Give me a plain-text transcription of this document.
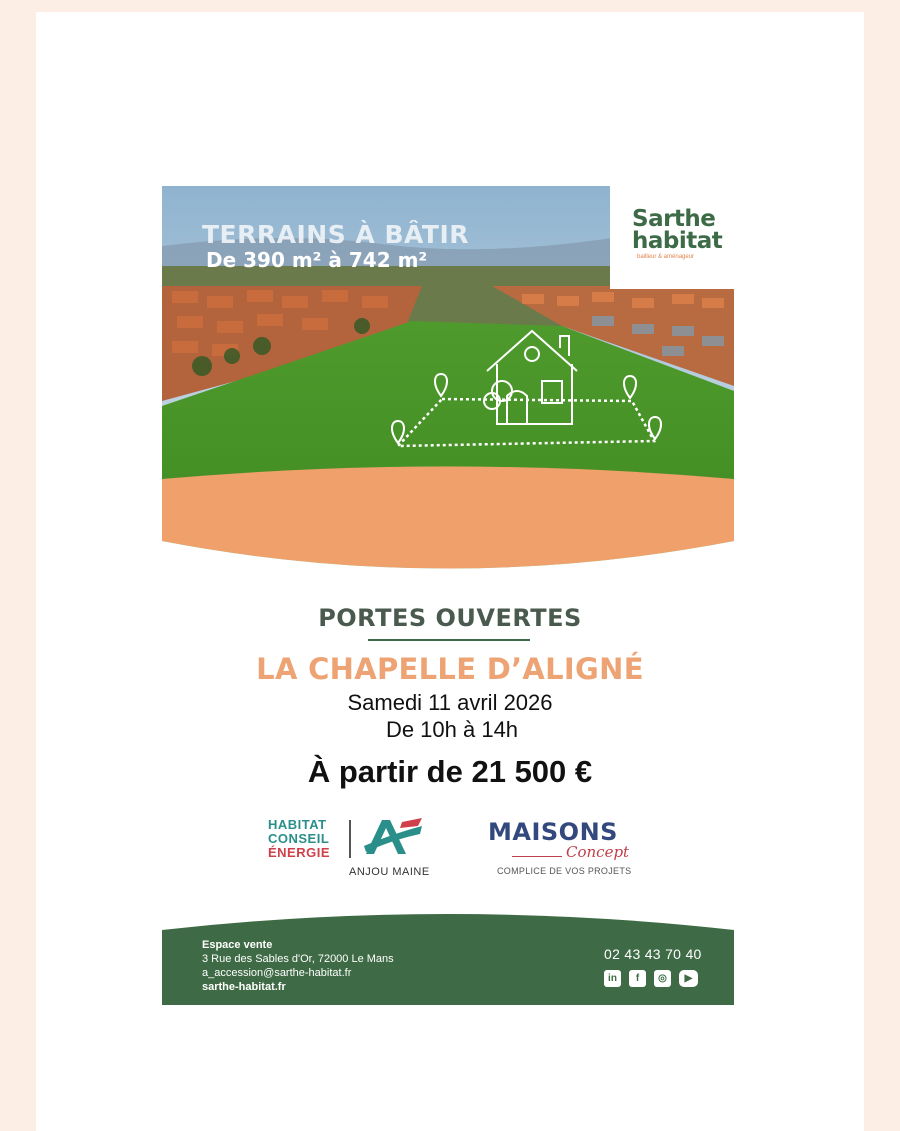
TERRAINS À BÂTIR
De 390 m² à 742 m²
Sarthe
habitat
bailleur & aménageur
PORTES OUVERTES
LA CHAPELLE D’ALIGNÉ
Samedi 11 avril 2026
De 10h à 14h
À partir de 21 500 €
HABITAT
CONSEIL
ÉNERGIE
ANJOU MAINE
MAISONS
Concept
COMPLICE DE VOS PROJETS
Espace vente
3 Rue des Sables d'Or, 72000 Le Mans
a_accession@sarthe-habitat.fr
sarthe-habitat.fr
02 43 43 70 40
in	f	◎	▶
